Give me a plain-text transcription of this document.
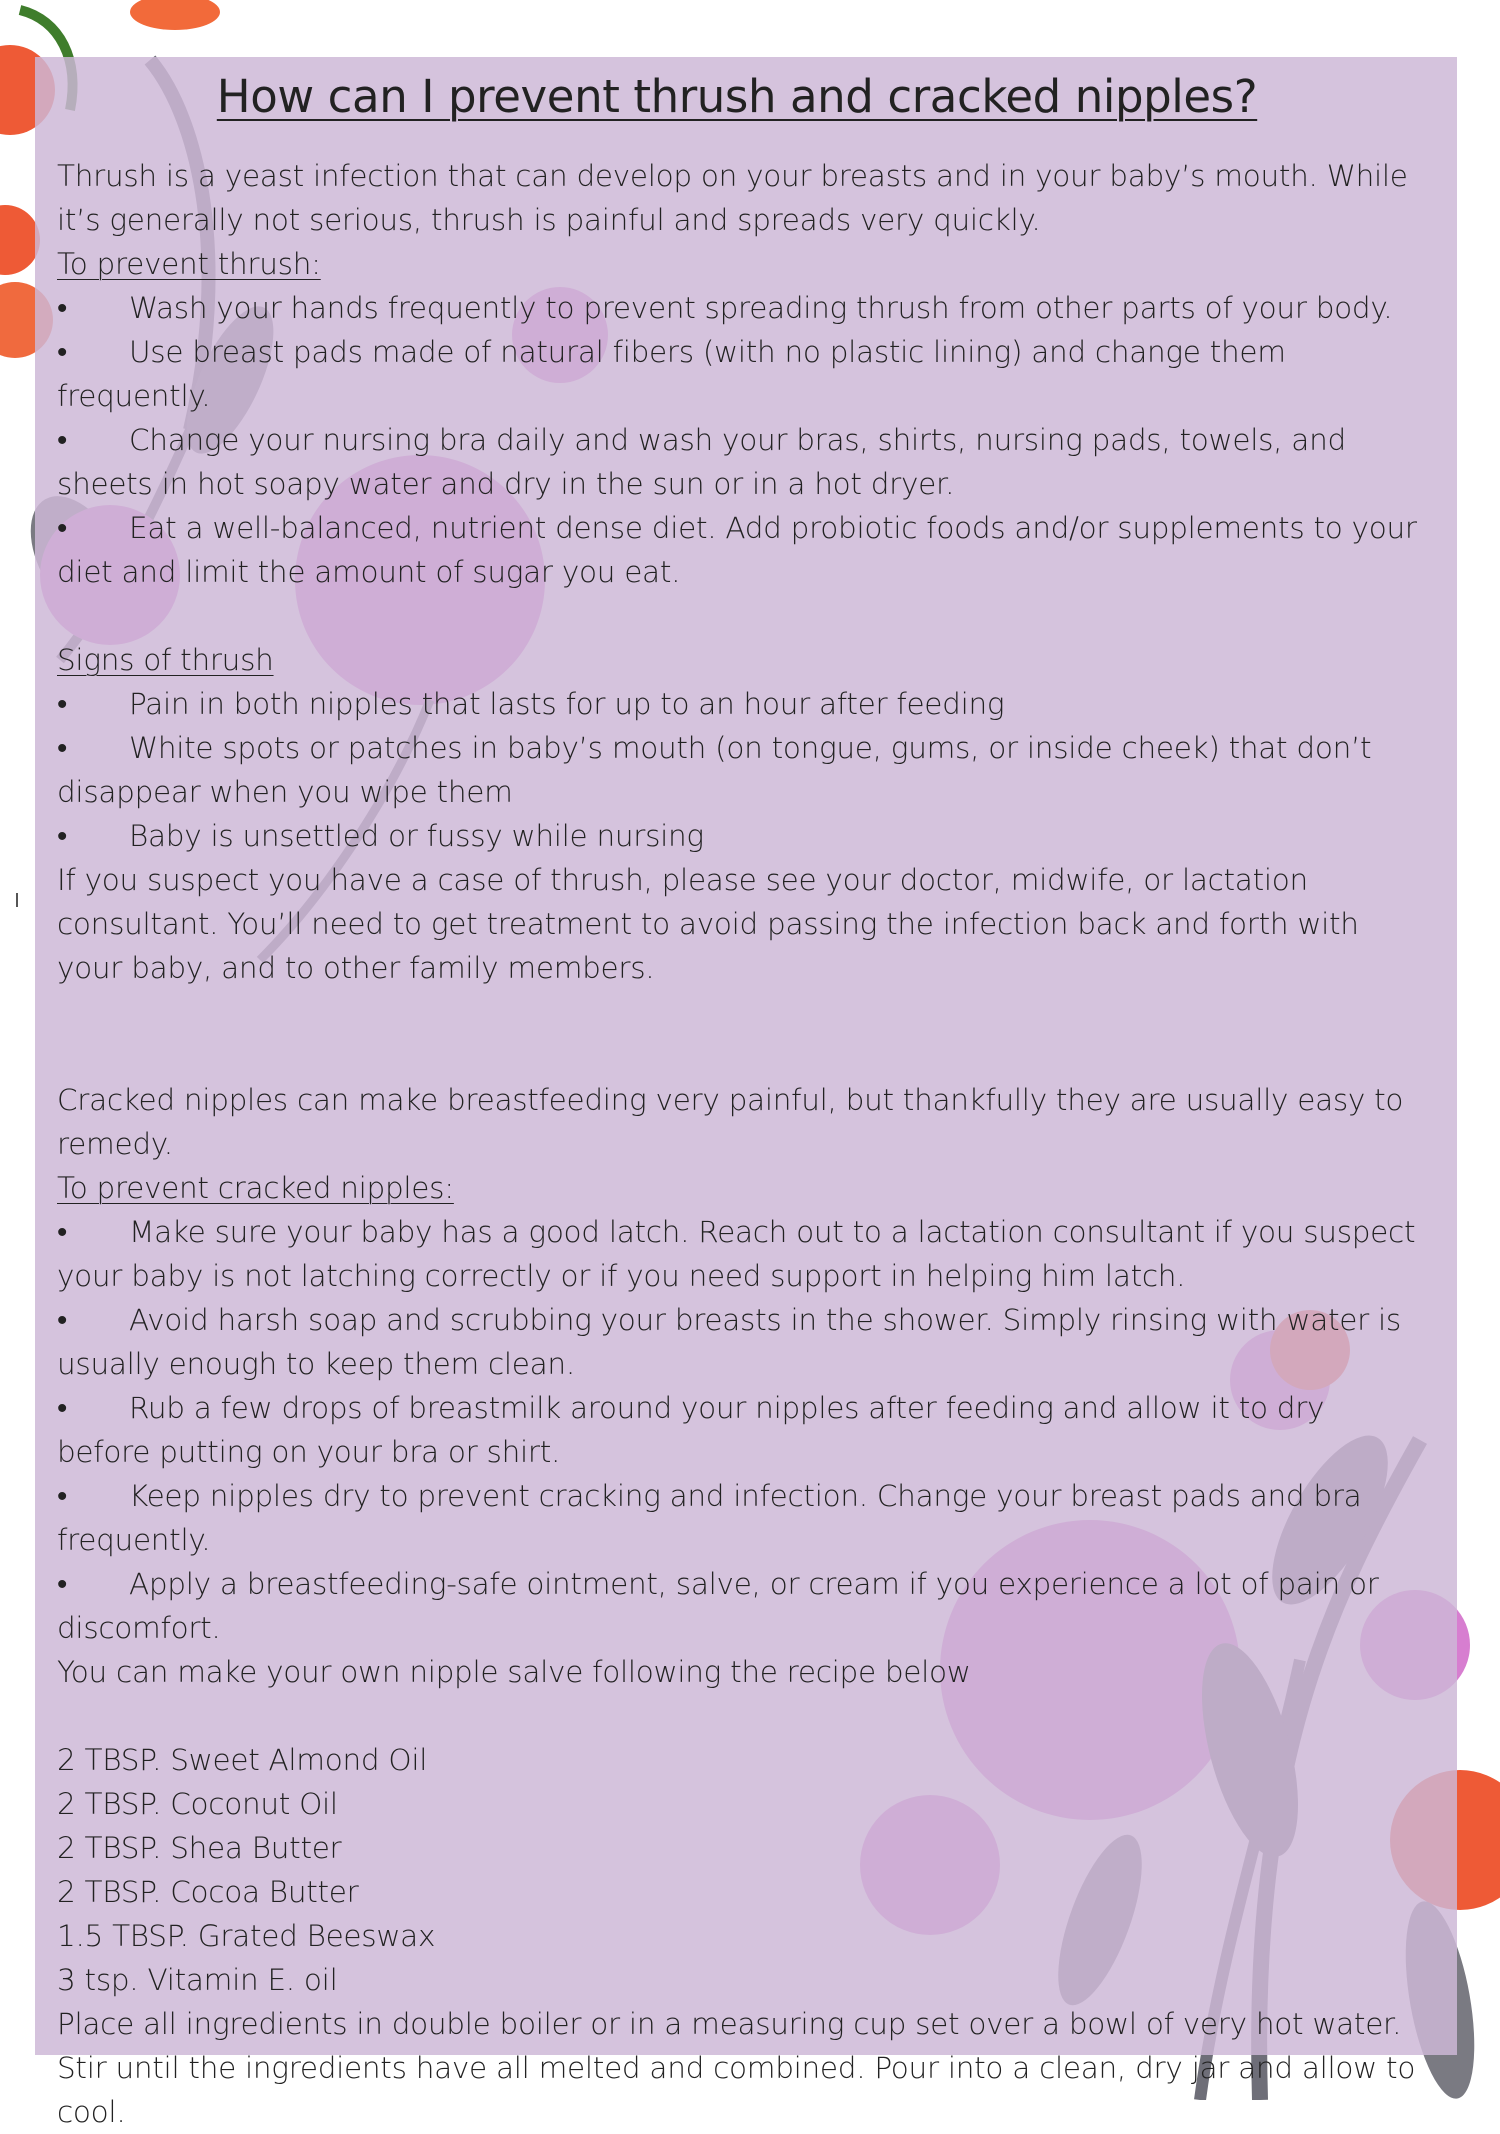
How can I prevent thrush and cracked nipples?

Thrush is a yeast infection that can develop on your breasts and in your baby’s mouth. While it’s generally not serious, thrush is painful and spreads very quickly.

To prevent thrush:

• Wash your hands frequently to prevent spreading thrush from other parts of your body.

• Use breast pads made of natural fibers (with no plastic lining) and change them frequently.

• Change your nursing bra daily and wash your bras, shirts, nursing pads, towels, and sheets in hot soapy water and dry in the sun or in a hot dryer.

• Eat a well-balanced, nutrient dense diet. Add probiotic foods and/or supplements to your diet and limit the amount of sugar you eat.

Signs of thrush

• Pain in both nipples that lasts for up to an hour after feeding

• White spots or patches in baby’s mouth (on tongue, gums, or inside cheek) that don’t disappear when you wipe them

• Baby is unsettled or fussy while nursing

If you suspect you have a case of thrush, please see your doctor, midwife, or lactation consultant. You’ll need to get treatment to avoid passing the infection back and forth with your baby, and to other family members.

Cracked nipples can make breastfeeding very painful, but thankfully they are usually easy to remedy.

To prevent cracked nipples:

• Make sure your baby has a good latch. Reach out to a lactation consultant if you suspect your baby is not latching correctly or if you need support in helping him latch.

• Avoid harsh soap and scrubbing your breasts in the shower. Simply rinsing with water is usually enough to keep them clean.

• Rub a few drops of breastmilk around your nipples after feeding and allow it to dry before putting on your bra or shirt.

• Keep nipples dry to prevent cracking and infection. Change your breast pads and bra frequently.

• Apply a breastfeeding-safe ointment, salve, or cream if you experience a lot of pain or discomfort.

You can make your own nipple salve following the recipe below

2 TBSP. Sweet Almond Oil

2 TBSP. Coconut Oil

2 TBSP. Shea Butter

2 TBSP. Cocoa Butter

1.5 TBSP. Grated Beeswax

3 tsp. Vitamin E. oil

Place all ingredients in double boiler or in a measuring cup set over a bowl of very hot water. Stir until the ingredients have all melted and combined. Pour into a clean, dry jar and allow to cool.
